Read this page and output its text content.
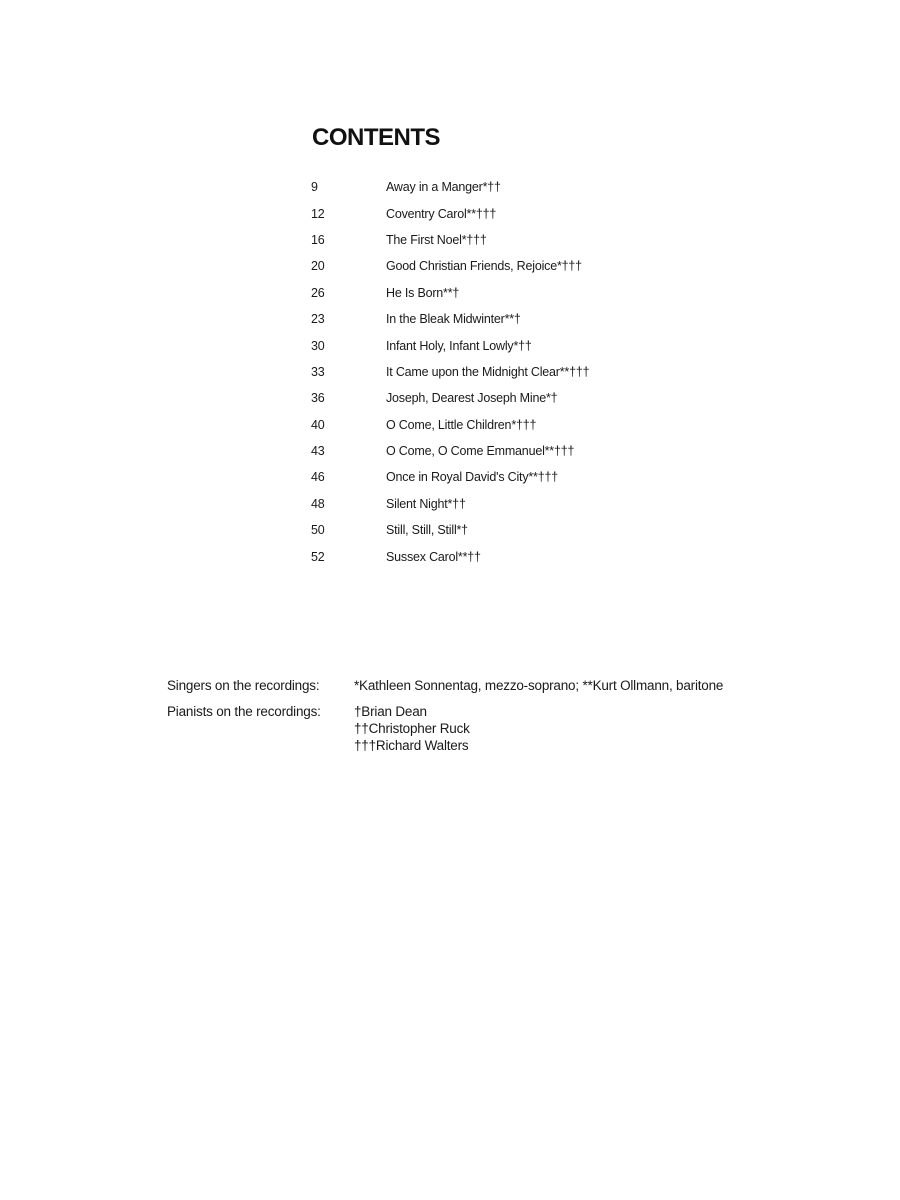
CONTENTS
9	Away in a Manger*††
12	Coventry Carol**†††
16	The First Noel*†††
20	Good Christian Friends, Rejoice*†††
26	He Is Born**†
23	In the Bleak Midwinter**†
30	Infant Holy, Infant Lowly*††
33	It Came upon the Midnight Clear**†††
36	Joseph, Dearest Joseph Mine*†
40	O Come, Little Children*†††
43	O Come, O Come Emmanuel**†††
46	Once in Royal David's City**†††
48	Silent Night*††
50	Still, Still, Still*†
52	Sussex Carol**††
Singers on the recordings:	*Kathleen Sonnentag, mezzo-soprano; **Kurt Ollmann, baritone
Pianists on the recordings:	†Brian Dean
††Christopher Ruck
†††Richard Walters
